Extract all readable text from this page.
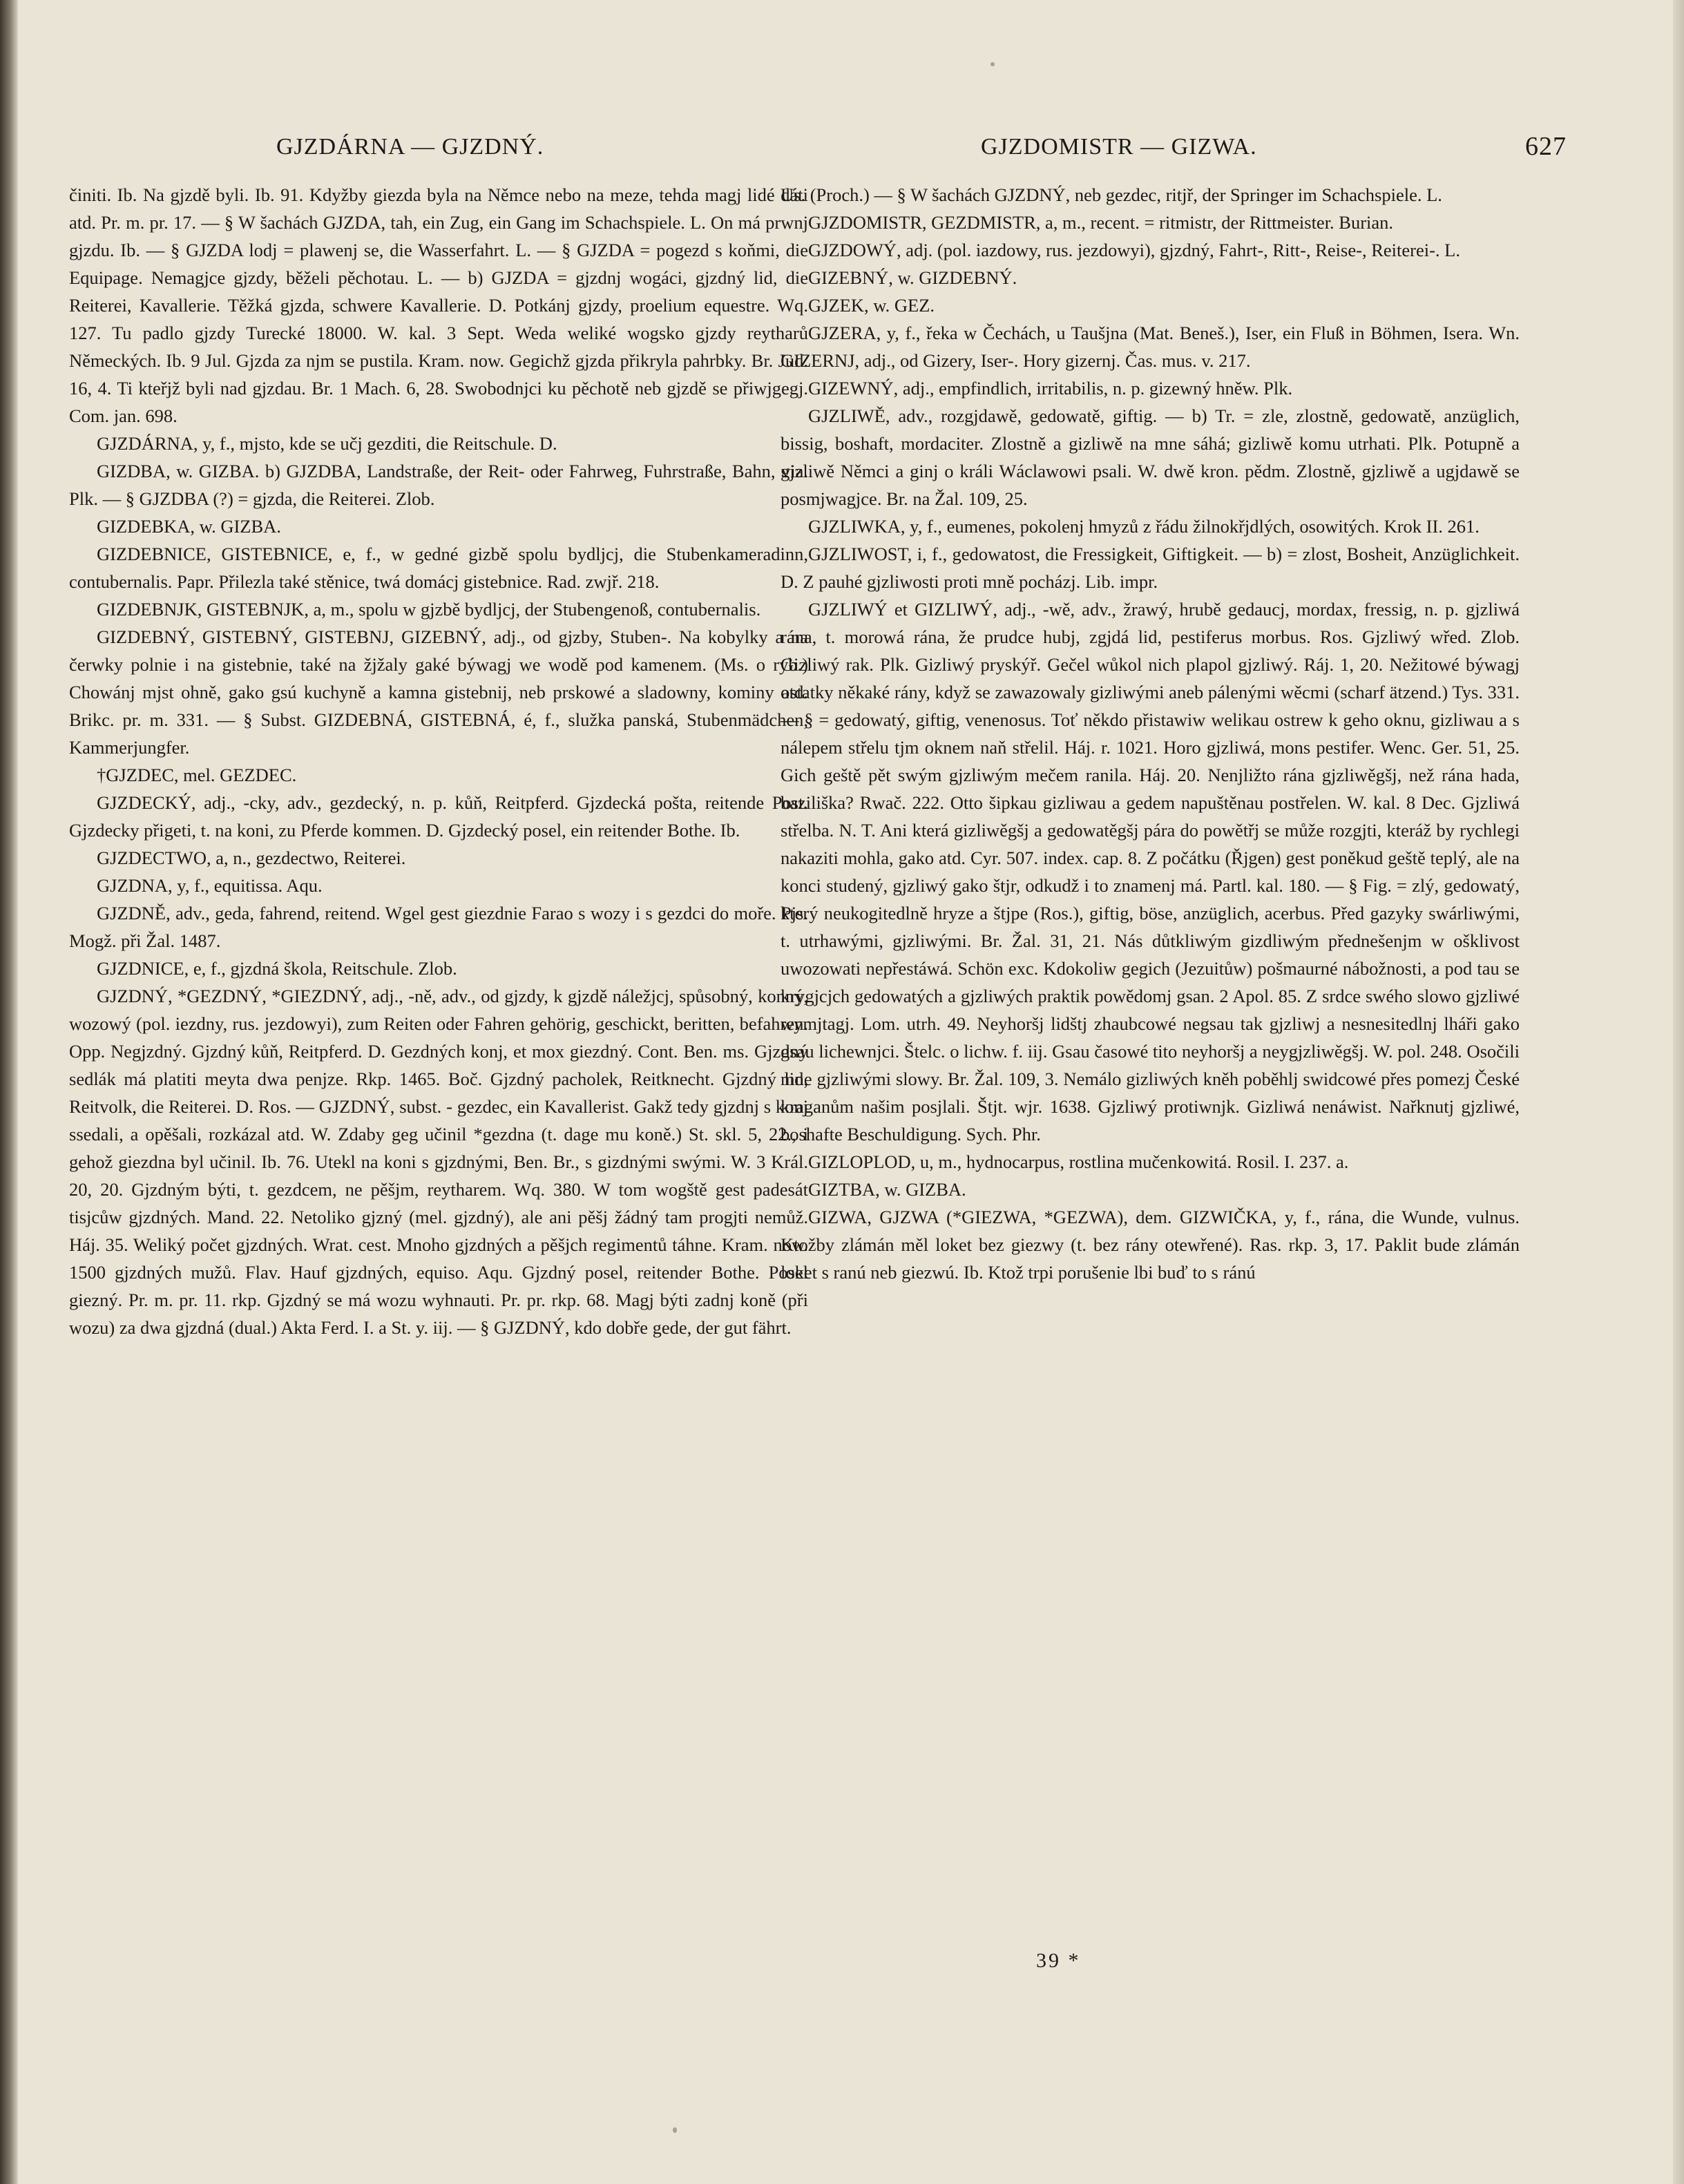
GJZDÁRNA — GJZDNÝ.	GJZDOMISTR — GIZWA.	627

činiti. Ib. Na gjzdě byli. Ib. 91. Kdyžby giezda byla na Němce nebo na meze, tehda magj lidé dáti atd. Pr. m. pr. 17. — § W šachách GJZDA, tah, ein Zug, ein Gang im Schachspiele. L. On má prwnj gjzdu. Ib. — § GJZDA lodj = plawenj se, die Wasserfahrt. L. — § GJZDA = pogezd s koňmi, die Equipage. Nemagjce gjzdy, běželi pěchotau. L. — b) GJZDA = gjzdnj wogáci, gjzdný lid, die Reiterei, Kavallerie. Těžká gjzda, schwere Kavallerie. D. Potkánj gjzdy, proelium equestre. Wq. 127. Tu padlo gjzdy Turecké 18000. W. kal. 3 Sept. Weda weliké wogsko gjzdy reytharů Německých. Ib. 9 Jul. Gjzda za njm se pustila. Kram. now. Gegichž gjzda přikryla pahrbky. Br. Jud. 16, 4. Ti kteřjž byli nad gjzdau. Br. 1 Mach. 6, 28. Swobodnjci ku pěchotě neb gjzdě se přiwjgegj. Com. jan. 698.

GJZDÁRNA, y, f., mjsto, kde se učj gezditi, die Reitschule. D.

GIZDBA, w. GIZBA. b) GJZDBA, Landstraße, der Reit- oder Fahrweg, Fuhrstraße, Bahn, via. Plk. — § GJZDBA (?) = gjzda, die Reiterei. Zlob.

GIZDEBKA, w. GIZBA.

GIZDEBNICE, GISTEBNICE, e, f., w gedné gizbě spolu bydljcj, die Stubenkameradinn, contubernalis. Papr. Přilezla také stěnice, twá domácj gistebnice. Rad. zwjř. 218.

GIZDEBNJK, GISTEBNJK, a, m., spolu w gjzbě bydljcj, der Stubengenoß, contubernalis.

GIZDEBNÝ, GISTEBNÝ, GISTEBNJ, GIZEBNÝ, adj., od gjzby, Stuben-. Na kobylky a na čerwky polnie i na gistebnie, také na žjžaly gaké býwagj we wodě pod kamenem. (Ms. o ryb.) Chowánj mjst ohně, gako gsú kuchyně a kamna gistebnij, neb prskowé a sladowny, kominy atd. Brikc. pr. m. 331. — § Subst. GIZDEBNÁ, GISTEBNÁ, é, f., služka panská, Stubenmädchen, Kammerjungfer.

†GJZDEC, mel. GEZDEC.

GJZDECKÝ, adj., -cky, adv., gezdecký, n. p. kůň, Reitpferd. Gjzdecká pošta, reitende Post. Gjzdecky přigeti, t. na koni, zu Pferde kommen. D. Gjzdecký posel, ein reitender Bothe. Ib.

GJZDECTWO, a, n., gezdectwo, Reiterei.

GJZDNA, y, f., equitissa. Aqu.

GJZDNĚ, adv., geda, fahrend, reitend. Wgel gest giezdnie Farao s wozy i s gezdci do moře. Pjs. Mogž. při Žal. 1487.

GJZDNICE, e, f., gjzdná škola, Reitschule. Zlob.

GJZDNÝ, *GEZDNÝ, *GIEZDNÝ, adj., -ně, adv., od gjzdy, k gjzdě náležjcj, spůsobný, konný, wozowý (pol. iezdny, rus. jezdowyi), zum Reiten oder Fahren gehörig, geschickt, beritten, befahren. Opp. Negjzdný. Gjzdný kůň, Reitpferd. D. Gezdných konj, et mox giezdný. Cont. Ben. ms. Gjzdný sedlák má platiti meyta dwa penjze. Rkp. 1465. Boč. Gjzdný pacholek, Reitknecht. Gjzdný lid, Reitvolk, die Reiterei. D. Ros. — GJZDNÝ, subst. - gezdec, ein Kavallerist. Gakž tedy gjzdnj s konj ssedali, a opěšali, rozkázal atd. W. Zdaby geg učinil *gezdna (t. dage mu koně.) St. skl. 5, 22., i gehož giezdna byl učinil. Ib. 76. Utekl na koni s gjzdnými, Ben. Br., s gizdnými swými. W. 3 Král. 20, 20. Gjzdným býti, t. gezdcem, ne pěšjm, reytharem. Wq. 380. W tom wogště gest padesát tisjcůw gjzdných. Mand. 22. Netoliko gjzný (mel. gjzdný), ale ani pěšj žádný tam progjti nemůž. Háj. 35. Weliký počet gjzdných. Wrat. cest. Mnoho gjzdných a pěšjch regimentů táhne. Kram. now. 1500 gjzdných mužů. Flav. Hauf gjzdných, equiso. Aqu. Gjzdný posel, reitender Bothe. Posel giezný. Pr. m. pr. 11. rkp. Gjzdný se má wozu wyhnauti. Pr. pr. rkp. 68. Magj býti zadnj koně (při wozu) za dwa gjzdná (dual.) Akta Ferd. I. a St. y. iij. — § GJZDNÝ, kdo dobře gede, der gut fährt.

Us. (Proch.) — § W šachách GJZDNÝ, neb gezdec, ritjř, der Springer im Schachspiele. L.

GJZDOMISTR, GEZDMISTR, a, m., recent. = ritmistr, der Rittmeister. Burian.

GJZDOWÝ, adj. (pol. iazdowy, rus. jezdowyi), gjzdný, Fahrt-, Ritt-, Reise-, Reiterei-. L.

GIZEBNÝ, w. GIZDEBNÝ.

GJZEK, w. GEZ.

GJZERA, y, f., řeka w Čechách, u Taušjna (Mat. Beneš.), Iser, ein Fluß in Böhmen, Isera. Wn. GIZERNJ, adj., od Gizery, Iser-. Hory gizernj. Čas. mus. v. 217.

GIZEWNÝ, adj., empfindlich, irritabilis, n. p. gizewný hněw. Plk.

GJZLIWĚ, adv., rozgjdawě, gedowatě, giftig. — b) Tr. = zle, zlostně, gedowatě, anzüglich, bissig, boshaft, mordaciter. Zlostně a gizliwě na mne sáhá; gizliwě komu utrhati. Plk. Potupně a gjzliwě Němci a ginj o králi Wáclawowi psali. W. dwě kron. pědm. Zlostně, gjzliwě a ugjdawě se posmjwagjce. Br. na Žal. 109, 25.

GJZLIWKA, y, f., eumenes, pokolenj hmyzů z řádu žilnokřjdlých, osowitých. Krok II. 261.

GJZLIWOST, i, f., gedowatost, die Fressigkeit, Giftigkeit. — b) = zlost, Bosheit, Anzüglichkeit. D. Z pauhé gjzliwosti proti mně pocházj. Lib. impr.

GJZLIWÝ et GIZLIWÝ, adj., -wě, adv., žrawý, hrubě gedaucj, mordax, fressig, n. p. gjzliwá rána, t. morowá rána, že prudce hubj, zgjdá lid, pestiferus morbus. Ros. Gjzliwý wřed. Zlob. Gizliwý rak. Plk. Gizliwý pryskýř. Gečel wůkol nich plapol gjzliwý. Ráj. 1, 20. Nežitowé býwagj ostatky někaké rány, když se zawazowaly gizliwými aneb pálenými wěcmi (scharf ätzend.) Tys. 331. — § = gedowatý, giftig, venenosus. Toť někdo přistawiw welikau ostrew k geho oknu, gizliwau a s nálepem střelu tjm oknem naň střelil. Háj. r. 1021. Horo gjzliwá, mons pestifer. Wenc. Ger. 51, 25. Gich geště pět swým gjzliwým mečem ranila. Háj. 20. Nenjližto rána gjzliwěgšj, než rána hada, baziliška? Rwač. 222. Otto šipkau gizliwau a gedem napuštěnau postřelen. W. kal. 8 Dec. Gjzliwá střelba. N. T. Ani která gizliwěgšj a gedowatěgšj pára do powětřj se může rozgjti, kteráž by rychlegi nakaziti mohla, gako atd. Cyr. 507. index. cap. 8. Z počátku (Řjgen) gest poněkud geště teplý, ale na konci studený, gjzliwý gako štjr, odkudž i to znamenj má. Partl. kal. 180. — § Fig. = zlý, gedowatý, který neukogitedlně hryze a štjpe (Ros.), giftig, böse, anzüglich, acerbus. Před gazyky swárliwými, t. utrhawými, gjzliwými. Br. Žal. 31, 21. Nás důtkliwým gizdliwým přednešenjm w ošklivost uwozowati nepřestáwá. Schön exc. Kdokoliw gegich (Jezuitůw) pošmaurné nábožnosti, a pod tau se krygjcjch gedowatých a gjzliwých praktik powědomj gsan. 2 Apol. 85. Z srdce swého slowo gjzliwé wymjtagj. Lom. utrh. 49. Neyhoršj lidštj zhaubcowé negsau tak gjzliwj a nesnesitedlnj lháři gako gsau lichewnjci. Štelc. o lichw. f. iij. Gsau časowé tito neyhoršj a neygjzliwěgšj. W. pol. 248. Osočili mne gjzliwými slowy. Br. Žal. 109, 3. Nemálo gizliwých kněh poběhlj swidcowé přes pomezj České kraganům našim posjlali. Štjt. wjr. 1638. Gjzliwý protiwnjk. Gizliwá nenáwist. Nařknutj gjzliwé, boshafte Beschuldigung. Sych. Phr.

GIZLOPLOD, u, m., hydnocarpus, rostlina mučenkowitá. Rosil. I. 237. a.

GIZTBA, w. GIZBA.

GIZWA, GJZWA (*GIEZWA, *GEZWA), dem. GIZWIČKA, y, f., rána, die Wunde, vulnus. Ktožby zlámán měl loket bez giezwy (t. bez rány otewřené). Ras. rkp. 3, 17. Paklit bude zlámán loket s ranú neb giezwú. Ib. Ktož trpi porušenie lbi buď to s ránú

39 *
